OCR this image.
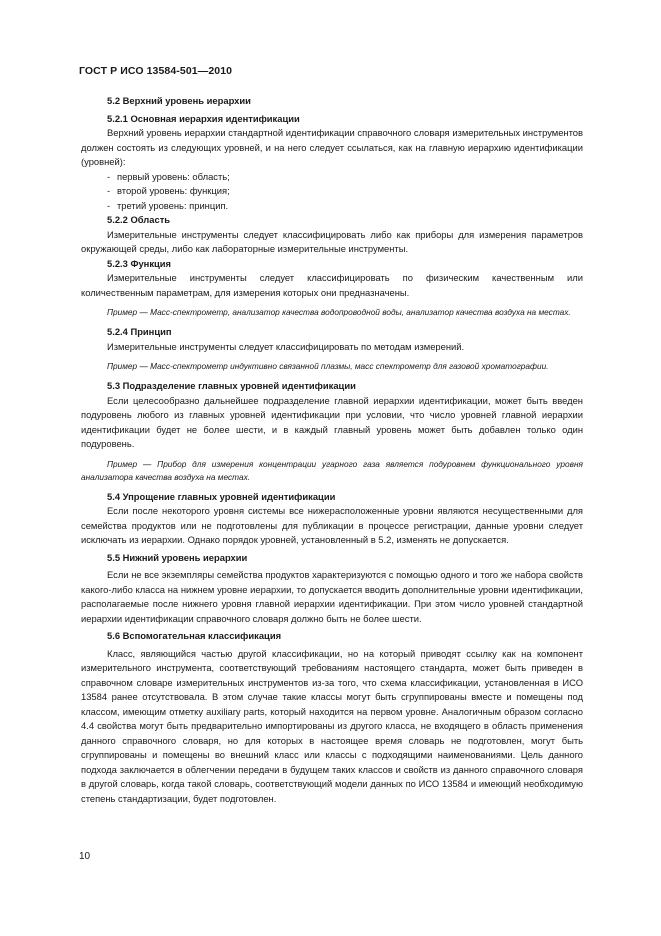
ГОСТ Р ИСО 13584-501—2010
5.2 Верхний уровень иерархии
5.2.1 Основная иерархия идентификации

Верхний уровень иерархии стандартной идентификации справочного словаря измерительных инструментов должен состоять из следующих уровней, и на него следует ссылаться, как на главную иерархию идентификации (уровней):

- первый уровень: область;
- второй уровень: функция;
- третий уровень: принцип.
5.2.2 Область

Измерительные инструменты следует классифицировать либо как приборы для измерения параметров окружающей среды, либо как лабораторные измерительные инструменты.

5.2.3 Функция

Измерительные инструменты следует классифицировать по физическим качественным или количественным параметрам, для измерения которых они предназначены.

Пример — Масс-спектрометр, анализатор качества водопроводной воды, анализатор качества воздуха на местах.

5.2.4 Принцип

Измерительные инструменты следует классифицировать по методам измерений.

Пример — Масс-спектрометр индуктивно связанной плазмы, масс спектрометр для газовой хроматографии.

5.3 Подразделение главных уровней идентификации

Если целесообразно дальнейшее подразделение главной иерархии идентификации, может быть введен подуровень любого из главных уровней идентификации при условии, что число уровней главной иерархии идентификации будет не более шести, и в каждый главный уровень может быть добавлен только один подуровень.

Пример — Прибор для измерения концентрации угарного газа является подуровнем функционального уровня анализатора качества воздуха на местах.

5.4 Упрощение главных уровней идентификации

Если после некоторого уровня системы все нижерасположенные уровни являются несущественными для семейства продуктов или не подготовлены для публикации в процессе регистрации, данные уровни следует исключать из иерархии. Однако порядок уровней, установленный в 5.2, изменять не допускается.

5.5 Нижний уровень иерархии

Если не все экземпляры семейства продуктов характеризуются с помощью одного и того же набора свойств какого-либо класса на нижнем уровне иерархии, то допускается вводить дополнительные уровни идентификации, располагаемые после нижнего уровня главной иерархии идентификации. При этом число уровней стандартной иерархии идентификации справочного словаря должно быть не более шести.

5.6 Вспомогательная классификация

Класс, являющийся частью другой классификации, но на который приводят ссылку как на компонент измерительного инструмента, соответствующий требованиям настоящего стандарта, может быть приведен в справочном словаре измерительных инструментов из-за того, что схема классификации, установленная в ИСО 13584 ранее отсутствовала. В этом случае такие классы могут быть сгруппированы вместе и помещены под классом, имеющим отметку auxiliary parts, который находится на первом уровне. Аналогичным образом согласно 4.4 свойства могут быть предварительно импортированы из другого класса, не входящего в область применения данного справочного словаря, но для которых в настоящее время словарь не подготовлен, могут быть сгруппированы и помещены во внешний класс или классы с подходящими наименованиями. Цель данного подхода заключается в облегчении передачи в будущем таких классов и свойств из данного справочного словаря в другой словарь, когда такой словарь, соответствующий модели данных по ИСО 13584 и имеющий необходимую степень стандартизации, будет подготовлен.

10
